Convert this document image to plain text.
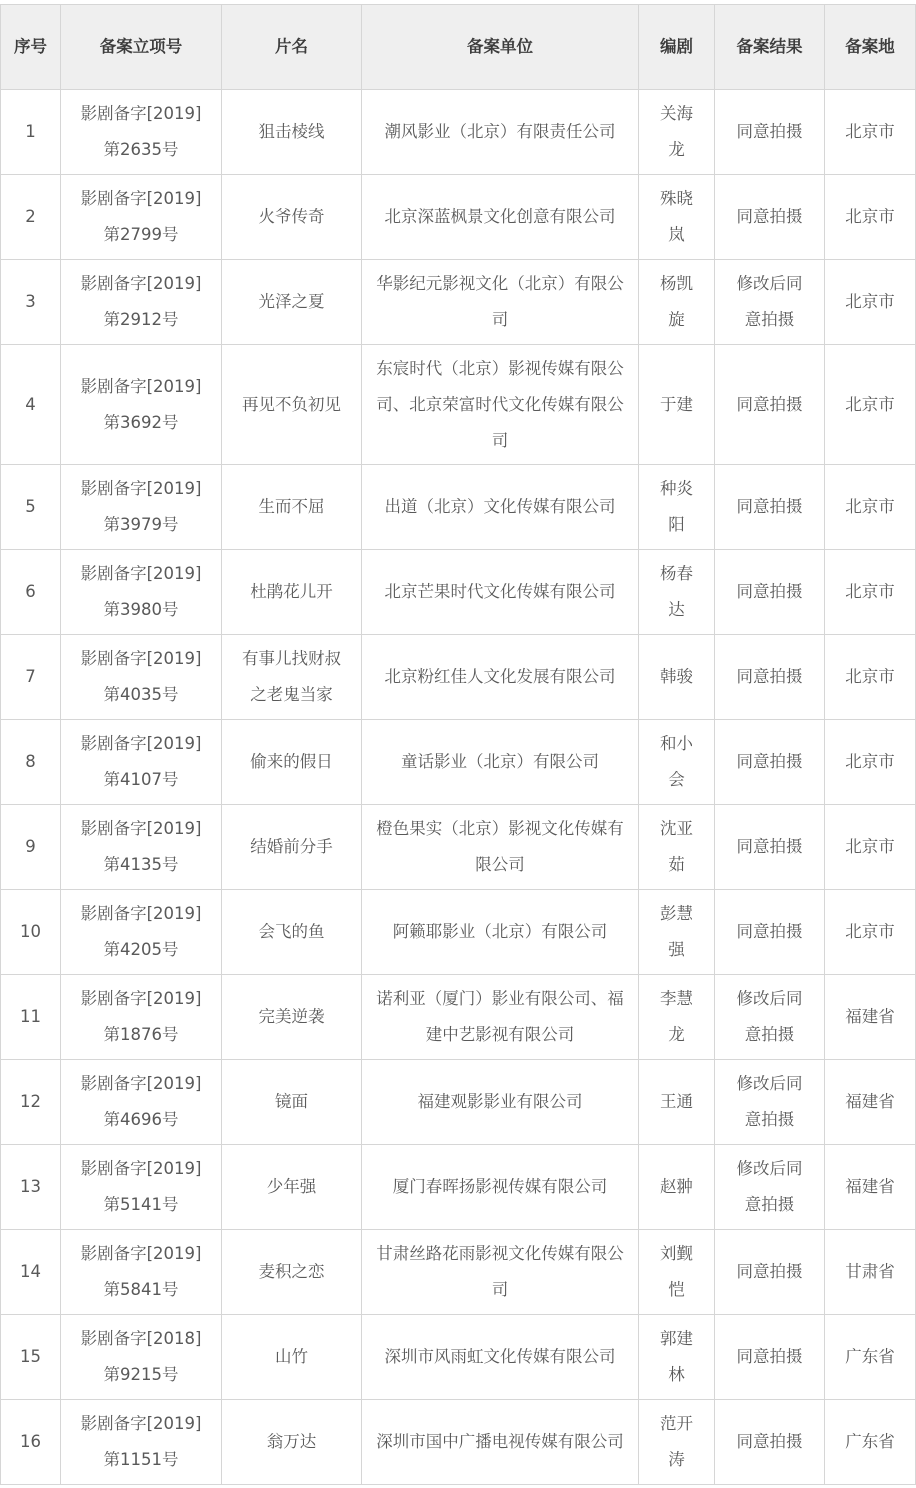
序号	备案立项号	片名	备案单位	编剧	备案结果	备案地
1	影剧备字[2019]第2635号	狙击棱线	潮风影业（北京）有限责任公司	关海龙	同意拍摄	北京市
2	影剧备字[2019]第2799号	火爷传奇	北京深蓝枫景文化创意有限公司	殊晓岚	同意拍摄	北京市
3	影剧备字[2019]第2912号	光泽之夏	华影纪元影视文化（北京）有限公司	杨凯旋	修改后同意拍摄	北京市
4	影剧备字[2019]第3692号	再见不负初见	东宸时代（北京）影视传媒有限公司、北京荣富时代文化传媒有限公司	于建	同意拍摄	北京市
5	影剧备字[2019]第3979号	生而不屈	出道（北京）文化传媒有限公司	种炎阳	同意拍摄	北京市
6	影剧备字[2019]第3980号	杜鹃花儿开	北京芒果时代文化传媒有限公司	杨春达	同意拍摄	北京市
7	影剧备字[2019]第4035号	有事儿找财叔之老鬼当家	北京粉红佳人文化发展有限公司	韩骏	同意拍摄	北京市
8	影剧备字[2019]第4107号	偷来的假日	童话影业（北京）有限公司	和小会	同意拍摄	北京市
9	影剧备字[2019]第4135号	结婚前分手	橙色果实（北京）影视文化传媒有限公司	沈亚茹	同意拍摄	北京市
10	影剧备字[2019]第4205号	会飞的鱼	阿籁耶影业（北京）有限公司	彭慧强	同意拍摄	北京市
11	影剧备字[2019]第1876号	完美逆袭	诺利亚（厦门）影业有限公司、福建中艺影视有限公司	李慧龙	修改后同意拍摄	福建省
12	影剧备字[2019]第4696号	镜面	福建观影影业有限公司	王通	修改后同意拍摄	福建省
13	影剧备字[2019]第5141号	少年强	厦门春晖扬影视传媒有限公司	赵翀	修改后同意拍摄	福建省
14	影剧备字[2019]第5841号	麦积之恋	甘肃丝路花雨影视文化传媒有限公司	刘觐恺	同意拍摄	甘肃省
15	影剧备字[2018]第9215号	山竹	深圳市风雨虹文化传媒有限公司	郭建林	同意拍摄	广东省
16	影剧备字[2019]第1151号	翁万达	深圳市国中广播电视传媒有限公司	范开涛	同意拍摄	广东省
